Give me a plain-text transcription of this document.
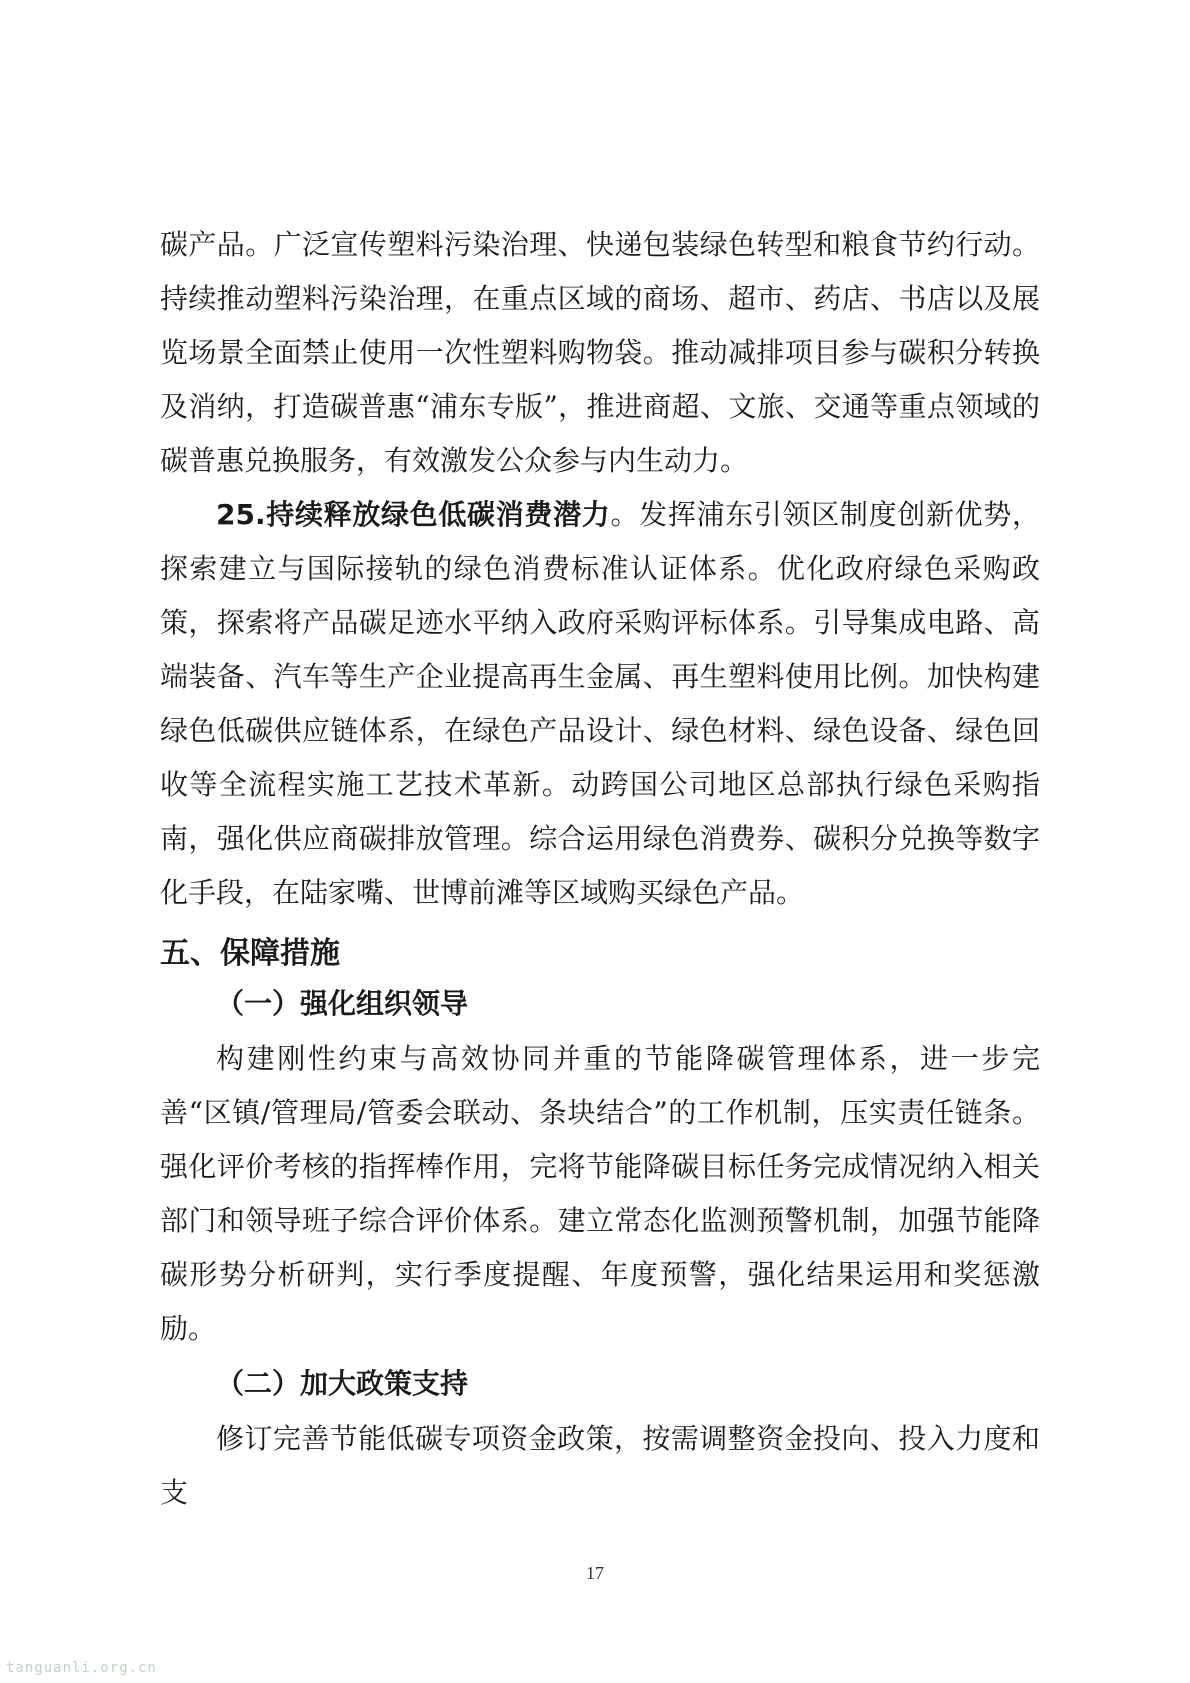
碳产品。广泛宣传塑料污染治理、快递包装绿色转型和粮食节约行动。持续推动塑料污染治理，在重点区域的商场、超市、药店、书店以及展览场景全面禁止使用一次性塑料购物袋。推动减排项目参与碳积分转换及消纳，打造碳普惠“浦东专版”，推进商超、文旅、交通等重点领域的碳普惠兑换服务，有效激发公众参与内生动力。

25.持续释放绿色低碳消费潜力。发挥浦东引领区制度创新优势，探索建立与国际接轨的绿色消费标准认证体系。优化政府绿色采购政策，探索将产品碳足迹水平纳入政府采购评标体系。引导集成电路、高端装备、汽车等生产企业提高再生金属、再生塑料使用比例。加快构建绿色低碳供应链体系，在绿色产品设计、绿色材料、绿色设备、绿色回收等全流程实施工艺技术革新。动跨国公司地区总部执行绿色采购指南，强化供应商碳排放管理。综合运用绿色消费券、碳积分兑换等数字化手段，在陆家嘴、世博前滩等区域购买绿色产品。

五、保障措施
（一）强化组织领导

构建刚性约束与高效协同并重的节能降碳管理体系，进一步完善“区镇/管理局/管委会联动、条块结合”的工作机制，压实责任链条。强化评价考核的指挥棒作用，完将节能降碳目标任务完成情况纳入相关部门和领导班子综合评价体系。建立常态化监测预警机制，加强节能降碳形势分析研判，实行季度提醒、年度预警，强化结果运用和奖惩激励。

（二）加大政策支持

修订完善节能低碳专项资金政策，按需调整资金投向、投入力度和支

17
tanguanli.org.cn
